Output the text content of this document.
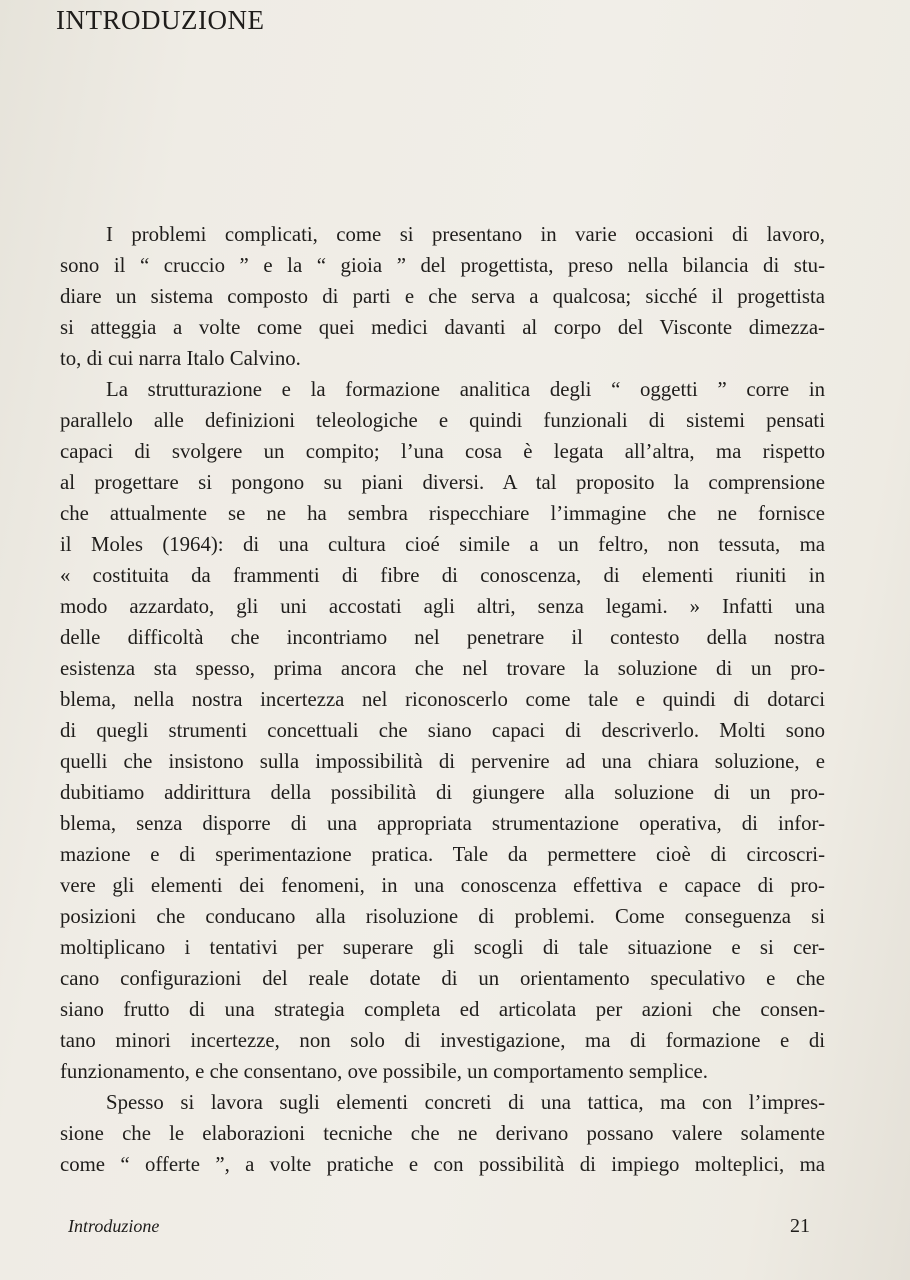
INTRODUZIONE

I problemi complicati, come si presentano in varie occasioni di lavoro,
sono il “ cruccio ” e la “ gioia ” del progettista, preso nella bilancia di stu-
diare un sistema composto di parti e che serva a qualcosa; sicché il progettista
si atteggia a volte come quei medici davanti al corpo del Visconte dimezza-
to, di cui narra Italo Calvino.

La strutturazione e la formazione analitica degli “ oggetti ” corre in
parallelo alle definizioni teleologiche e quindi funzionali di sistemi pensati
capaci di svolgere un compito; l’una cosa è legata all’altra, ma rispetto
al progettare si pongono su piani diversi. A tal proposito la comprensione
che attualmente se ne ha sembra rispecchiare l’immagine che ne fornisce
il Moles (1964): di una cultura cioé simile a un feltro, non tessuta, ma
« costituita da frammenti di fibre di conoscenza, di elementi riuniti in
modo azzardato, gli uni accostati agli altri, senza legami. » Infatti una
delle difficoltà che incontriamo nel penetrare il contesto della nostra
esistenza sta spesso, prima ancora che nel trovare la soluzione di un pro-
blema, nella nostra incertezza nel riconoscerlo come tale e quindi di dotarci
di quegli strumenti concettuali che siano capaci di descriverlo. Molti sono
quelli che insistono sulla impossibilità di pervenire ad una chiara soluzione, e
dubitiamo addirittura della possibilità di giungere alla soluzione di un pro-
blema, senza disporre di una appropriata strumentazione operativa, di infor-
mazione e di sperimentazione pratica. Tale da permettere cioè di circoscri-
vere gli elementi dei fenomeni, in una conoscenza effettiva e capace di pro-
posizioni che conducano alla risoluzione di problemi. Come conseguenza si
moltiplicano i tentativi per superare gli scogli di tale situazione e si cer-
cano configurazioni del reale dotate di un orientamento speculativo e che
siano frutto di una strategia completa ed articolata per azioni che consen-
tano minori incertezze, non solo di investigazione, ma di formazione e di
funzionamento, e che consentano, ove possibile, un comportamento semplice.

Spesso si lavora sugli elementi concreti di una tattica, ma con l’impres-
sione che le elaborazioni tecniche che ne derivano possano valere solamente
come “ offerte ”, a volte pratiche e con possibilità di impiego molteplici, ma

Introduzione	21
